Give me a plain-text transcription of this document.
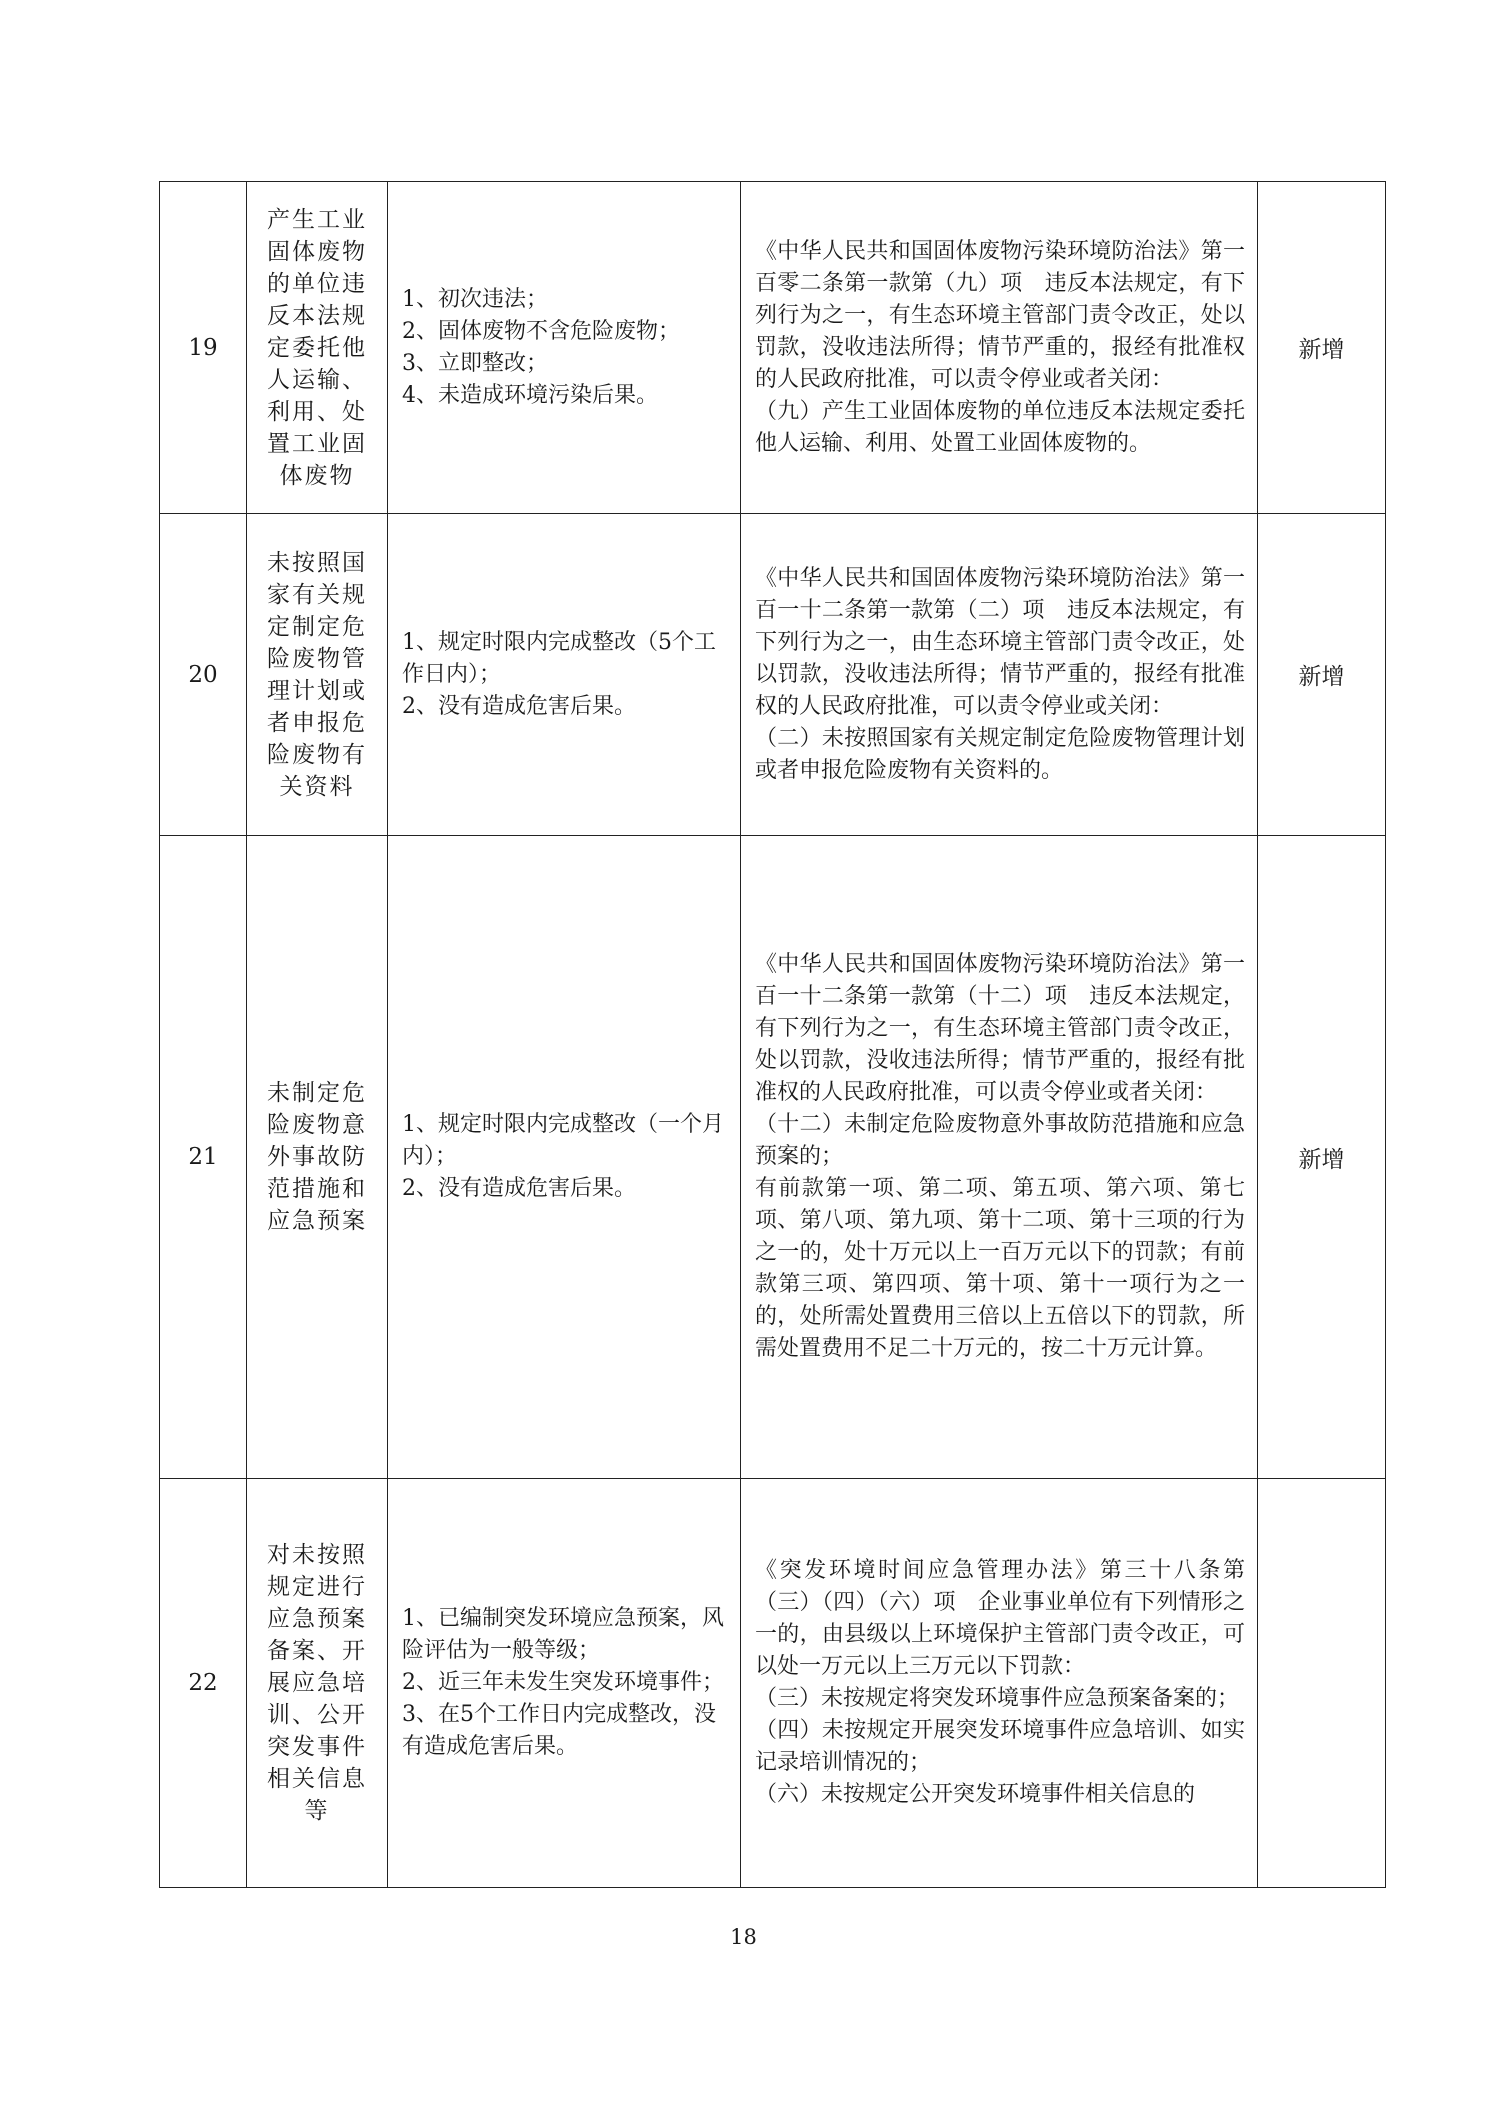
19	产生工业固体废物的单位违反本法规定委托他人运输、利用、处置工业固体废物	1、初次违法；
2、固体废物不含危险废物；
3、立即整改；
4、未造成环境污染后果。	《中华人民共和国固体废物污染环境防治法》第一百零二条第一款第（九）项　违反本法规定，有下列行为之一，有生态环境主管部门责令改正，处以罚款，没收违法所得；情节严重的，报经有批准权的人民政府批准，可以责令停业或者关闭：
（九）产生工业固体废物的单位违反本法规定委托他人运输、利用、处置工业固体废物的。	新增
20	未按照国家有关规定制定危险废物管理计划或者申报危险废物有关资料	1、规定时限内完成整改（5个工作日内）；
2、没有造成危害后果。	《中华人民共和国固体废物污染环境防治法》第一百一十二条第一款第（二）项　违反本法规定，有下列行为之一，由生态环境主管部门责令改正，处以罚款，没收违法所得；情节严重的，报经有批准权的人民政府批准，可以责令停业或关闭：
（二）未按照国家有关规定制定危险废物管理计划或者申报危险废物有关资料的。	新增
21	未制定危险废物意外事故防范措施和应急预案	1、规定时限内完成整改（一个月内）；
2、没有造成危害后果。	《中华人民共和国固体废物污染环境防治法》第一百一十二条第一款第（十二）项　违反本法规定，有下列行为之一，有生态环境主管部门责令改正，处以罚款，没收违法所得；情节严重的，报经有批准权的人民政府批准，可以责令停业或者关闭：
（十二）未制定危险废物意外事故防范措施和应急预案的；
有前款第一项、第二项、第五项、第六项、第七项、第八项、第九项、第十二项、第十三项的行为之一的，处十万元以上一百万元以下的罚款；有前款第三项、第四项、第十项、第十一项行为之一的，处所需处置费用三倍以上五倍以下的罚款，所需处置费用不足二十万元的，按二十万元计算。	新增
22	对未按照规定进行应急预案备案、开展应急培训、公开突发事件相关信息等	1、已编制突发环境应急预案，风险评估为一般等级；
2、近三年未发生突发环境事件；
3、在5个工作日内完成整改，没有造成危害后果。	《突发环境时间应急管理办法》第三十八条第（三）（四）（六）项　企业事业单位有下列情形之一的，由县级以上环境保护主管部门责令改正，可以处一万元以上三万元以下罚款：
（三）未按规定将突发环境事件应急预案备案的；
（四）未按规定开展突发环境事件应急培训、如实记录培训情况的；
（六）未按规定公开突发环境事件相关信息的	

18
